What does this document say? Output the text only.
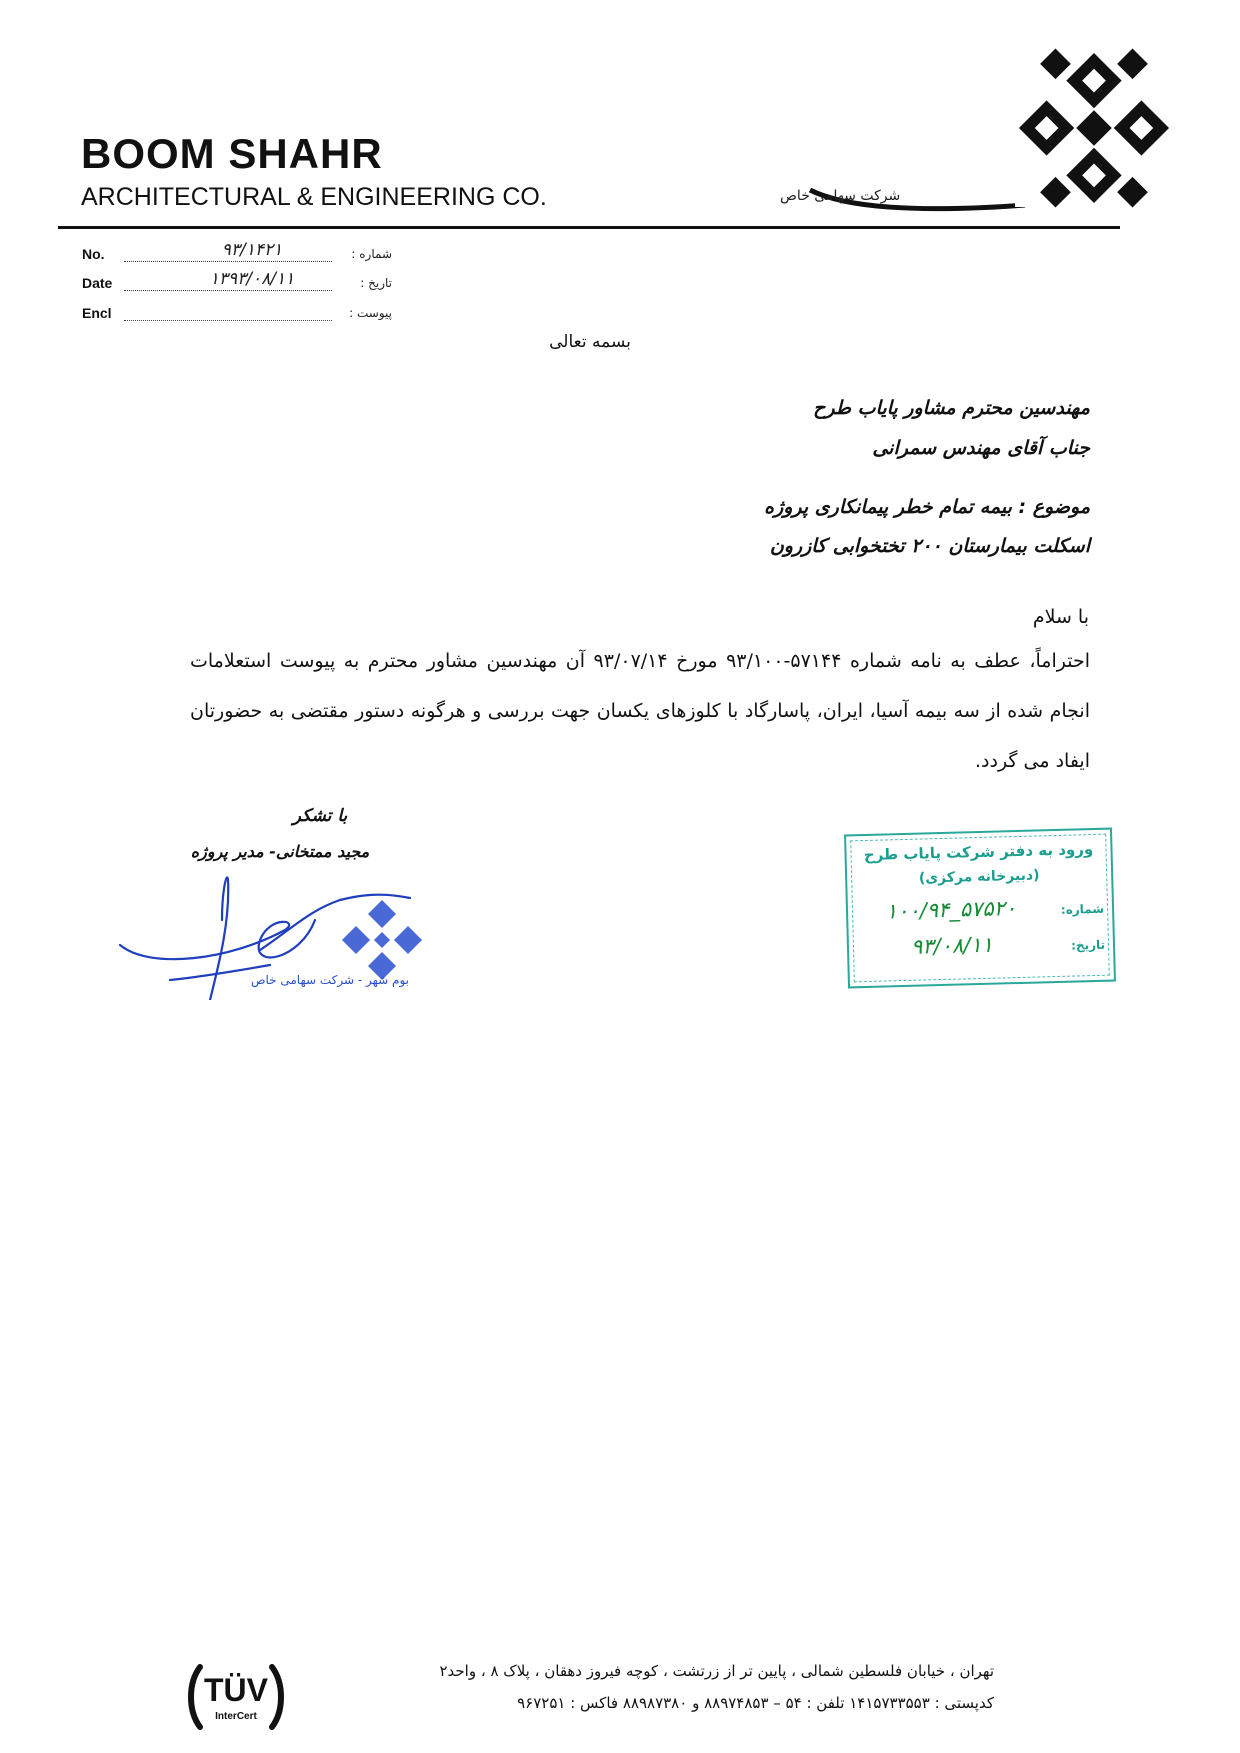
BOOM SHAHR
ARCHITECTURAL & ENGINEERING CO.	شرکت سهامی خاص
No.	۹۳/۱۴۲۱	شماره :
Date	۱۳۹۳/۰۸/۱۱	تاریخ :
Encl	پیوست :
بسمه تعالی
مهندسین محترم مشاور پایاب طرح
جناب آقای مهندس سمرانی
موضوع : بیمه تمام خطر پیمانکاری پروژه
اسکلت بیمارستان ۲۰۰ تختخوابی کازرون
با سلام
احتراماً، عطف به نامه شماره ۵۷۱۴۴-۹۳/۱۰۰ مورخ ۹۳/۰۷/۱۴ آن مهندسین مشاور محترم به پیوست استعلامات انجام شده از سه بیمه آسیا، ایران، پاسارگاد با کلوزهای یکسان جهت بررسی و هرگونه دستور مقتضی به حضورتان ایفاد می گردد.
با تشکر
مجید ممتخانی- مدیر پروژه
بوم شهر - شرکت سهامی خاص
ورود به دفتر شرکت پایاب طرح
(دبیرخانه مرکزی)
شماره:
۱۰۰/۹۴_۵۷۵۲۰
تاریخ:
۹۳/۰۸/۱۱
تهران ، خیابان فلسطین شمالی ، پایین تر از زرتشت ، کوچه فیروز دهقان ، پلاک ۸ ، واحد۲
کدپستی : ۱۴۱۵۷۳۳۵۵۳ تلفن : ۵۴ – ۸۸۹۷۴۸۵۳ و ۸۸۹۸۷۳۸۰ فاکس : ۹۶۷۲۵۱
TÜV
InterCert
